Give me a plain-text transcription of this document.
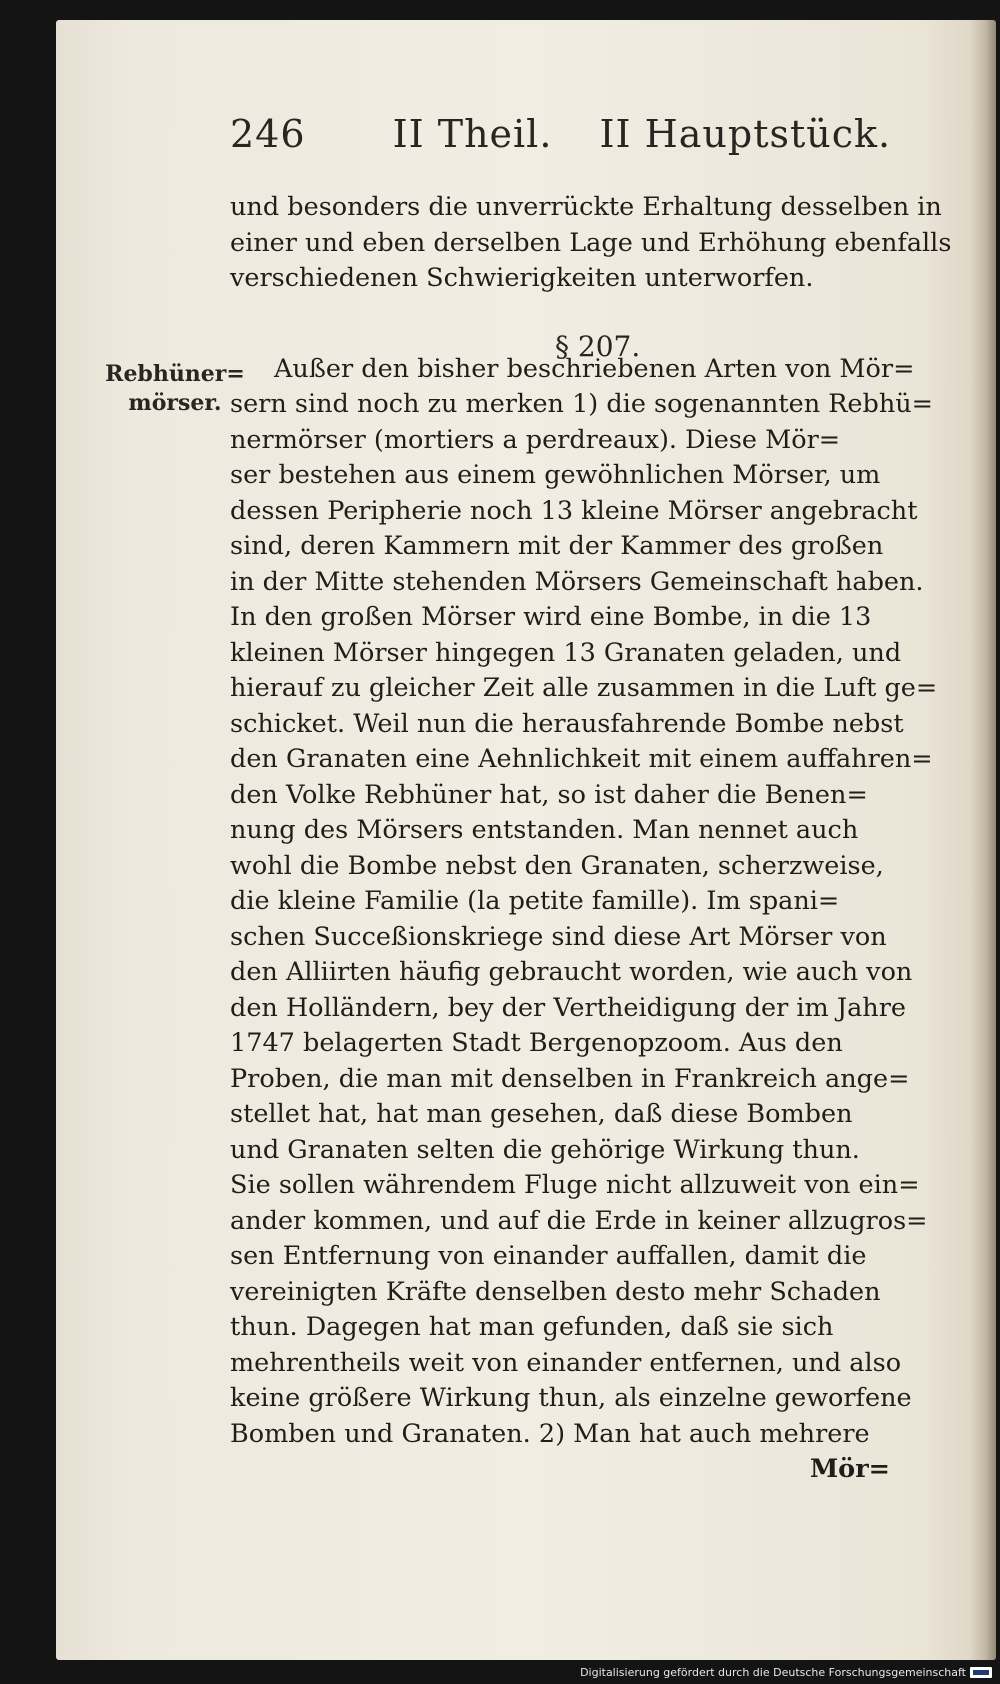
246 II Theil. II Hauptstück.
Rebhüner=
mörser.
§ 207.
und besonders die unverrückte Erhaltung desselben in
einer und eben derselben Lage und Erhöhung ebenfalls
verschiedenen Schwierigkeiten unterworfen.
Außer den bisher beschriebenen Arten von Mör=
sern sind noch zu merken 1) die sogenannten Rebhü=
nermörser (mortiers a perdreaux). Diese Mör=
ser bestehen aus einem gewöhnlichen Mörser, um
dessen Peripherie noch 13 kleine Mörser angebracht
sind, deren Kammern mit der Kammer des großen
in der Mitte stehenden Mörsers Gemeinschaft haben.
In den großen Mörser wird eine Bombe, in die 13
kleinen Mörser hingegen 13 Granaten geladen, und
hierauf zu gleicher Zeit alle zusammen in die Luft ge=
schicket. Weil nun die herausfahrende Bombe nebst
den Granaten eine Aehnlichkeit mit einem auffahren=
den Volke Rebhüner hat, so ist daher die Benen=
nung des Mörsers entstanden. Man nennet auch
wohl die Bombe nebst den Granaten, scherzweise,
die kleine Familie (la petite famille). Im spani=
schen Succeßionskriege sind diese Art Mörser von
den Alliirten häufig gebraucht worden, wie auch von
den Holländern, bey der Vertheidigung der im Jahre
1747 belagerten Stadt Bergenopzoom. Aus den
Proben, die man mit denselben in Frankreich ange=
stellet hat, hat man gesehen, daß diese Bomben
und Granaten selten die gehörige Wirkung thun.
Sie sollen währendem Fluge nicht allzuweit von ein=
ander kommen, und auf die Erde in keiner allzugros=
sen Entfernung von einander auffallen, damit die
vereinigten Kräfte denselben desto mehr Schaden
thun. Dagegen hat man gefunden, daß sie sich
mehrentheils weit von einander entfernen, und also
keine größere Wirkung thun, als einzelne geworfene
Bomben und Granaten. 2) Man hat auch mehrere
Mör=
Digitalisierung gefördert durch die Deutsche Forschungsgemeinschaft
